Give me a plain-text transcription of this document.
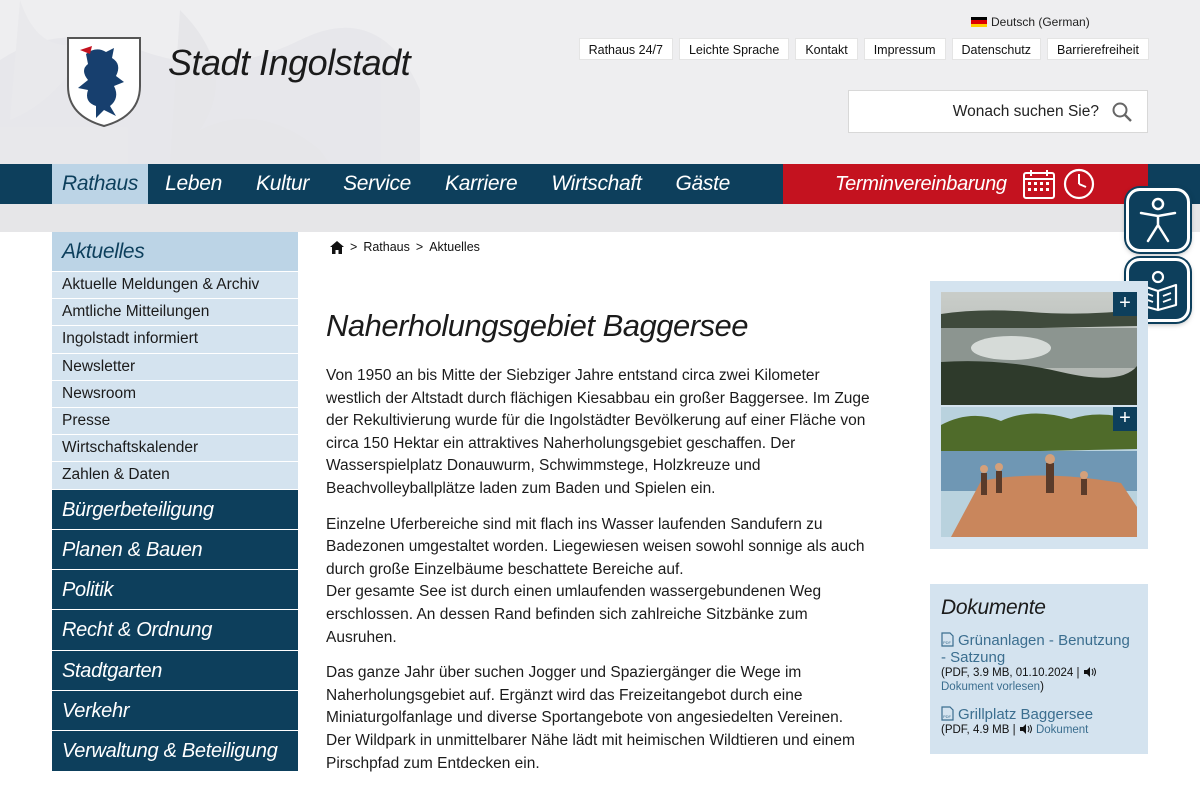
Stadt Ingolstadt
Deutsch (German)
Rathaus 24/7	Leichte Sprache	Kontakt	Impressum	Datenschutz	Barrierefreiheit
Wonach suchen Sie?
Rathaus	Leben	Kultur	Service	Karriere	Wirtschaft	Gäste	Terminvereinbarung
Aktuelles
Aktuelle Meldungen & Archiv
Amtliche Mitteilungen
Ingolstadt informiert
Newsletter
Newsroom
Presse
Wirtschaftskalender
Zahlen & Daten
Bürgerbeteiligung
Planen & Bauen
Politik
Recht & Ordnung
Stadtgarten
Verkehr
Verwaltung & Beteiligung
> Rathaus > Aktuelles
Naherholungsgebiet Baggersee

Von 1950 an bis Mitte der Siebziger Jahre entstand circa zwei Kilometer westlich der Altstadt durch flächigen Kiesabbau ein großer Baggersee. Im Zuge der Rekultivierung wurde für die Ingolstädter Bevölkerung auf einer Fläche von circa 150 Hektar ein attraktives Naherholungsgebiet geschaffen. Der Wasserspielplatz Donauwurm, Schwimmstege, Holzkreuze und Beachvolleyballplätze laden zum Baden und Spielen ein.

Einzelne Uferbereiche sind mit flach ins Wasser laufenden Sandufern zu Badezonen umgestaltet worden. Liegewiesen weisen sowohl sonnige als auch durch große Einzelbäume beschattete Bereiche auf.
Der gesamte See ist durch einen umlaufenden wassergebundenen Weg erschlossen. An dessen Rand befinden sich zahlreiche Sitzbänke zum Ausruhen.

Das ganze Jahr über suchen Jogger und Spaziergänger die Wege im Naherholungsgebiet auf. Ergänzt wird das Freizeitangebot durch eine Miniaturgolfanlage und diverse Sportangebote von angesiedelten Vereinen. Der Wildpark in unmittelbarer Nähe lädt mit heimischen Wildtieren und einem Pirschpfad zum Entdecken ein.

+
+
Dokumente
PDF Grünanlagen - Benutzung - Satzung
(PDF, 3.9 MB, 01.10.2024 |
Dokument vorlesen)
PDF Grillplatz Baggersee
(PDF, 4.9 MB | Dokument
